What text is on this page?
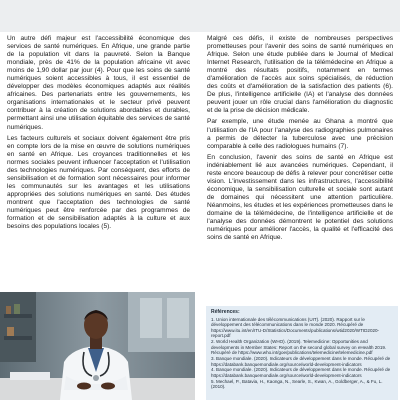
Un autre défi majeur est l'accessibilité économique des services de santé numériques. En Afrique, une grande partie de la population vit dans la pauvreté. Selon la Banque mondiale, près de 41% de la population africaine vit avec moins de 1,90 dollar par jour (4). Pour que les soins de santé numériques soient accessibles à tous, il est essentiel de développer des modèles économiques adaptés aux réalités africaines. Des partenariats entre les gouvernements, les organisations internationales et le secteur privé peuvent contribuer à la création de solutions abordables et durables, permettant ainsi une utilisation équitable des services de santé numériques.

Les facteurs culturels et sociaux doivent également être pris en compte lors de la mise en œuvre de solutions numériques en santé en Afrique. Les croyances traditionnelles et les normes sociales peuvent influencer l'acceptation et l'utilisation des technologies numériques. Par conséquent, des efforts de sensibilisation et de formation sont nécessaires pour informer les communautés sur les avantages et les utilisations appropriées des solutions numériques en santé. Des études montrent que l'acceptation des technologies de santé numériques peut être renforcée par des programmes de formation et de sensibilisation adaptés à la culture et aux besoins des populations locales (5).

Malgré ces défis, il existe de nombreuses perspectives prometteuses pour l'avenir des soins de santé numériques en Afrique. Selon une étude publiée dans le Journal of Medical Internet Research, l'utilisation de la télémédecine en Afrique a montré des résultats positifs, notamment en termes d'amélioration de l'accès aux soins spécialisés, de réduction des coûts et d'amélioration de la satisfaction des patients (6). De plus, l'intelligence artificielle (IA) et l'analyse des données peuvent jouer un rôle crucial dans l'amélioration du diagnostic et de la prise de décision médicale.

Par exemple, une étude menée au Ghana a montré que l'utilisation de l'IA pour l'analyse des radiographies pulmonaires a permis de détecter la tuberculose avec une précision comparable à celle des radiologues humains (7).

En conclusion, l'avenir des soins de santé en Afrique est indéniablement lié aux avancées numériques. Cependant, il reste encore beaucoup de défis à relever pour concrétiser cette vision. L'investissement dans les infrastructures, l'accessibilité économique, la sensibilisation culturelle et sociale sont autant de domaines qui nécessitent une attention particulière. Néanmoins, les études et les expériences prometteuses dans le domaine de la télémédecine, de l'intelligence artificielle et de l'analyse des données démontrent le potentiel des solutions numériques pour améliorer l'accès, la qualité et l'efficacité des soins de santé en Afrique.

Références:

1. Union internationale des télécommunications (UIT). (2020). Rapport sur le développement des télécommunications dans le monde 2020. Récupéré de https://www.itu.int/en/ITU-D/Statistics/Documents/publications/wtid2020/WTID2020-report.pdf

2. World Health Organization (WHO). (2019). Telemedicine: Opportunities and developments in Member States: Report on the second global survey on eHealth 2019. Récupéré de https://www.who.int/goe/publications/telemedicine/telemedicine.pdf

3. Banque mondiale. (2020). Indicateurs de développement dans le monde. Récupéré de https://databank.banquemondiale.org/source/world-development-indicators

4. Banque mondiale. (2020). Indicateurs de développement dans le monde. Récupéré de https://databank.banquemondiale.org/source/world-development-indicators

5. Mechael, P., Batavia, H., Kaonga, N., Searle, S., Kwan, A., Goldberger, A., & Fu, L. (2010).
